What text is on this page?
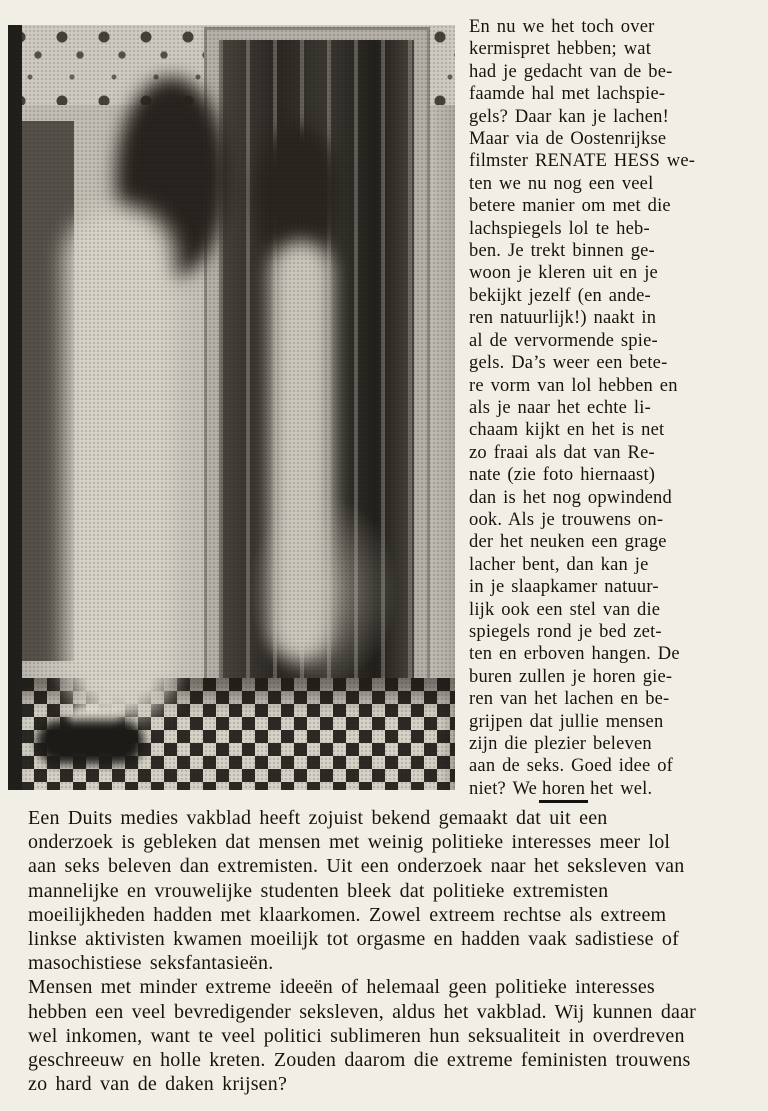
En nu we het toch over
kermispret hebben; wat
had je gedacht van de be-
faamde hal met lachspie-
gels? Daar kan je lachen!
Maar via de Oostenrijkse
filmster RENATE HESS we-
ten we nu nog een veel
betere manier om met die
lachspiegels lol te heb-
ben. Je trekt binnen ge-
woon je kleren uit en je
bekijkt jezelf (en ande-
ren natuurlijk!) naakt in
al de vervormende spie-
gels. Da’s weer een bete-
re vorm van lol hebben en
als je naar het echte li-
chaam kijkt en het is net
zo fraai als dat van Re-
nate (zie foto hiernaast)
dan is het nog opwindend
ook. Als je trouwens on-
der het neuken een grage
lacher bent, dan kan je
in je slaapkamer natuur-
lijk ook een stel van die
spiegels rond je bed zet-
ten en erboven hangen. De
buren zullen je horen gie-
ren van het lachen en be-
grijpen dat jullie mensen
zijn die plezier beleven
aan de seks. Goed idee of
niet? We horen het wel.
Een Duits medies vakblad heeft zojuist bekend gemaakt dat uit een
onderzoek is gebleken dat mensen met weinig politieke interesses meer lol
aan seks beleven dan extremisten. Uit een onderzoek naar het seksleven van
mannelijke en vrouwelijke studenten bleek dat politieke extremisten
moeilijkheden hadden met klaarkomen. Zowel extreem rechtse als extreem
linkse aktivisten kwamen moeilijk tot orgasme en hadden vaak sadistiese of
masochistiese seksfantasieën.
Mensen met minder extreme ideeën of helemaal geen politieke interesses
hebben een veel bevredigender seksleven, aldus het vakblad. Wij kunnen daar
wel inkomen, want te veel politici sublimeren hun seksualiteit in overdreven
geschreeuw en holle kreten. Zouden daarom die extreme feministen trouwens
zo hard van de daken krijsen?
